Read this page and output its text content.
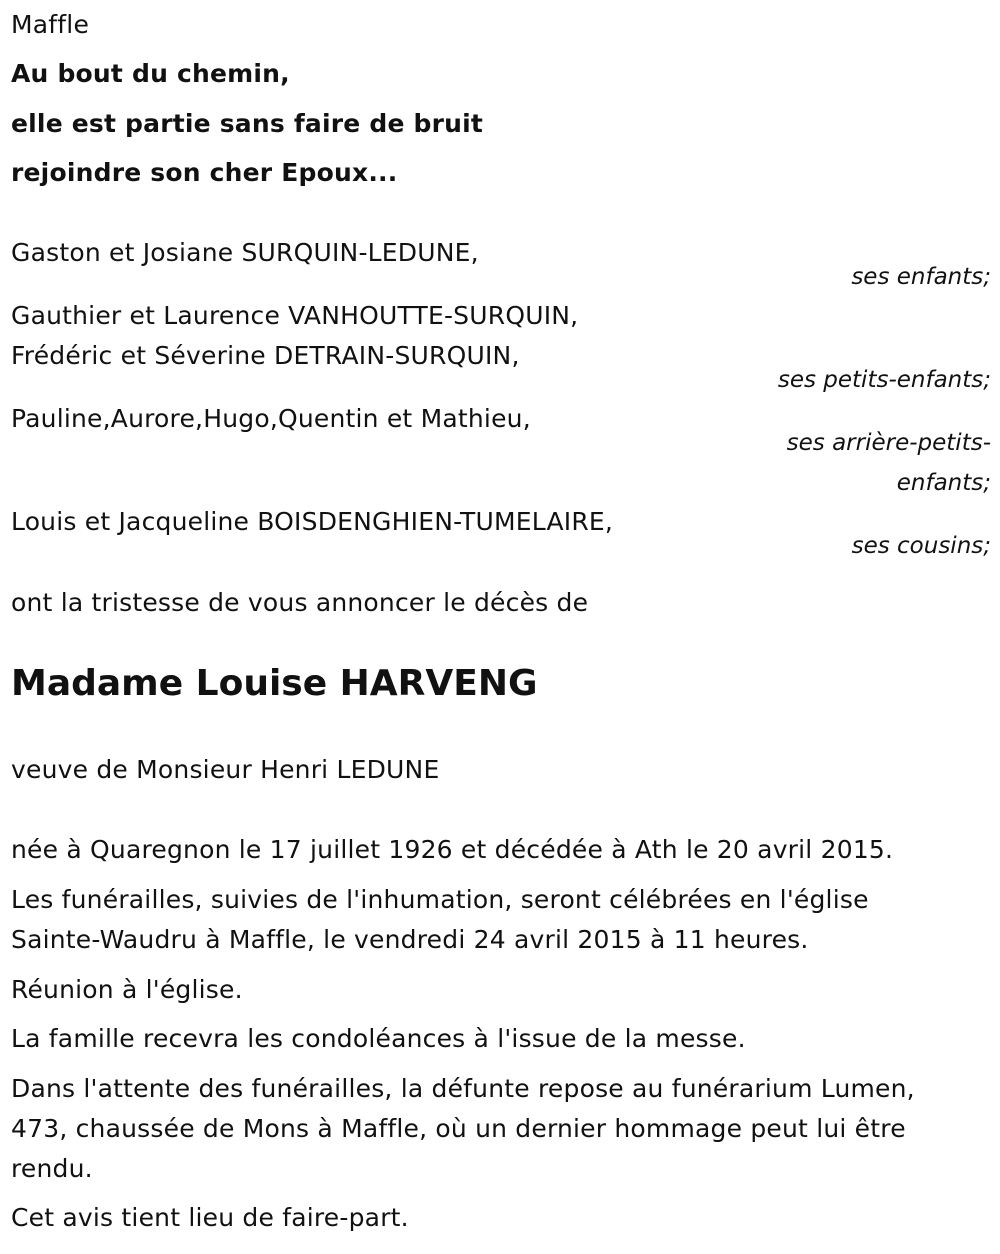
Maffle
Au bout du chemin,
elle est partie sans faire de bruit
rejoindre son cher Epoux...
Gaston et Josiane SURQUIN-LEDUNE,
ses enfants;
Gauthier et Laurence VANHOUTTE-SURQUIN,
Frédéric et Séverine DETRAIN-SURQUIN,
ses petits-enfants;
Pauline,Aurore,Hugo,Quentin et Mathieu,
ses arrière-petits-
enfants;
Louis et Jacqueline BOISDENGHIEN-TUMELAIRE,
ses cousins;
ont la tristesse de vous annoncer le décès de
Madame Louise HARVENG
veuve de Monsieur Henri LEDUNE
née à Quaregnon le 17 juillet 1926 et décédée à Ath le 20 avril 2015.
Les funérailles, suivies de l'inhumation, seront célébrées en l'église
Sainte-Waudru à Maffle, le vendredi 24 avril 2015 à 11 heures.
Réunion à l'église.
La famille recevra les condoléances à l'issue de la messe.
Dans l'attente des funérailles, la défunte repose au funérarium Lumen,
473, chaussée de Mons à Maffle, où un dernier hommage peut lui être
rendu.
Cet avis tient lieu de faire-part.
